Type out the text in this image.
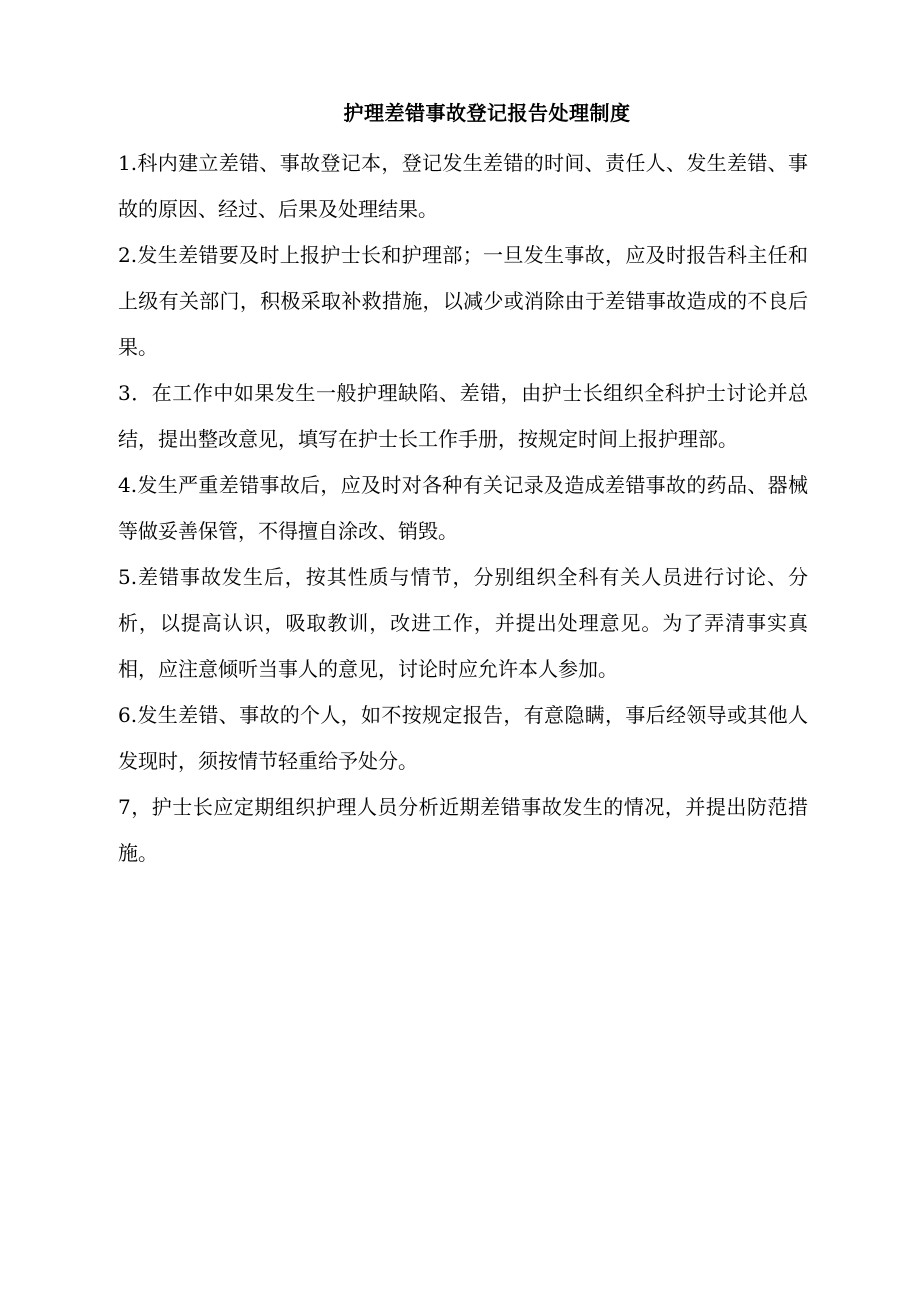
护理差错事故登记报告处理制度

1.科内建立差错、事故登记本，登记发生差错的时间、责任人、发生差错、事故的原因、经过、后果及处理结果。

2.发生差错要及时上报护士长和护理部；一旦发生事故，应及时报告科主任和上级有关部门，积极采取补救措施，以减少或消除由于差错事故造成的不良后果。

3．在工作中如果发生一般护理缺陷、差错，由护士长组织全科护士讨论并总结，提出整改意见，填写在护士长工作手册，按规定时间上报护理部。

4.发生严重差错事故后，应及时对各种有关记录及造成差错事故的药品、器械等做妥善保管，不得擅自涂改、销毁。

5.差错事故发生后，按其性质与情节，分别组织全科有关人员进行讨论、分析，以提高认识，吸取教训，改进工作，并提出处理意见。为了弄清事实真相，应注意倾听当事人的意见，讨论时应允许本人参加。

6.发生差错、事故的个人，如不按规定报告，有意隐瞒，事后经领导或其他人发现时，须按情节轻重给予处分。

7，护士长应定期组织护理人员分析近期差错事故发生的情况，并提出防范措施。
